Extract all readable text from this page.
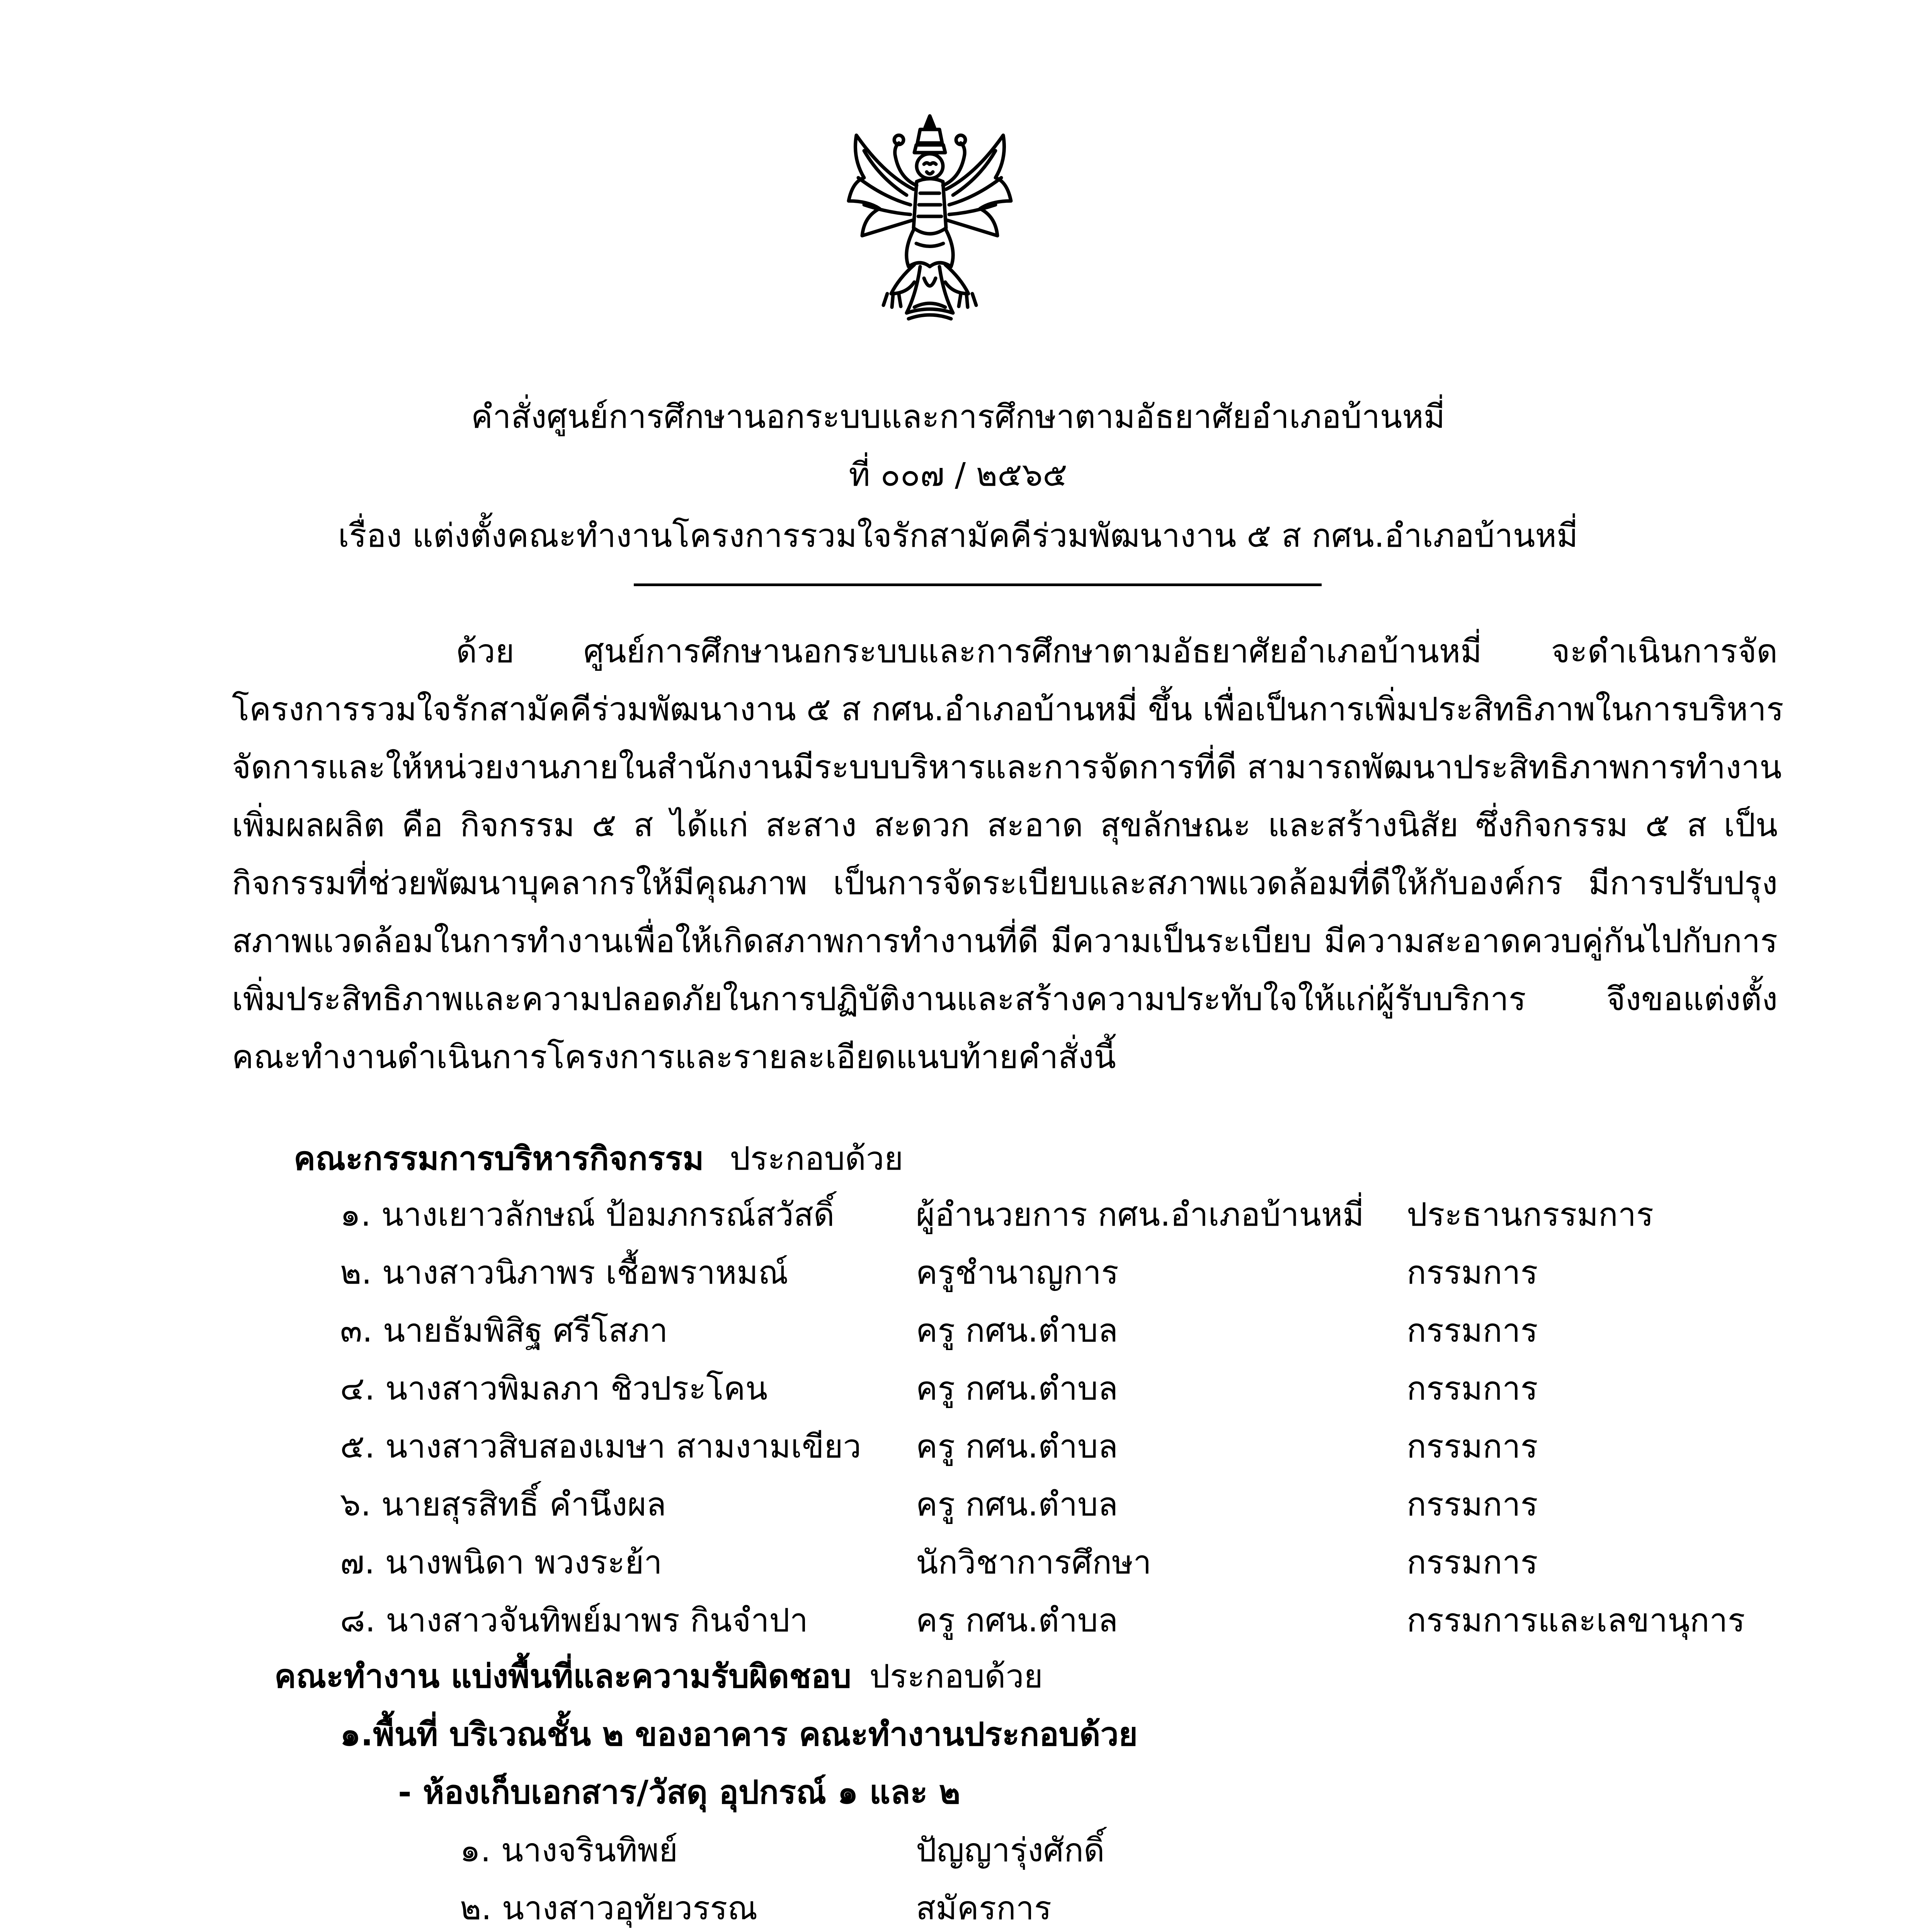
คำสั่งศูนย์การศึกษานอกระบบและการศึกษาตามอัธยาศัยอำเภอบ้านหมี่
ที่ ๐๐๗ / ๒๕๖๕
เรื่อง แต่งตั้งคณะทำงานโครงการรวมใจรักสามัคคีร่วมพัฒนางาน ๕ ส กศน.อำเภอบ้านหมี่

ด้วย ศูนย์การศึกษานอกระบบและการศึกษาตามอัธยาศัยอำเภอบ้านหมี่ จะดำเนินการจัด

โครงการรวมใจรักสามัคคีร่วมพัฒนางาน ๕ ส กศน.อำเภอบ้านหมี่ ขึ้น เพื่อเป็นการเพิ่มประสิทธิภาพในการบริหาร

จัดการและให้หน่วยงานภายในสำนักงานมีระบบบริหารและการจัดการที่ดี สามารถพัฒนาประสิทธิภาพการทำงาน

เพิ่มผลผลิต คือ กิจกรรม ๕ ส ได้แก่ สะสาง สะดวก สะอาด สุขลักษณะ และสร้างนิสัย ซึ่งกิจกรรม ๕ ส เป็น

กิจกรรมที่ช่วยพัฒนาบุคลากรให้มีคุณภาพ เป็นการจัดระเบียบและสภาพแวดล้อมที่ดีให้กับองค์กร มีการปรับปรุง

สภาพแวดล้อมในการทำงานเพื่อให้เกิดสภาพการทำงานที่ดี มีความเป็นระเบียบ มีความสะอาดควบคู่กันไปกับการ

เพิ่มประสิทธิภาพและความปลอดภัยในการปฏิบัติงานและสร้างความประทับใจให้แก่ผู้รับบริการ จึงขอแต่งตั้ง

คณะทำงานดำเนินการโครงการและรายละเอียดแนบท้ายคำสั่งนี้

คณะกรรมการบริหารกิจกรรม ประกอบด้วย
๑. นางเยาวลักษณ์ ป้อมภกรณ์สวัสดิ์	ผู้อำนวยการ กศน.อำเภอบ้านหมี่ ประธานกรรมการ
๒. นางสาวนิภาพร เชื้อพราหมณ์	ครูชำนาญการ	กรรมการ
๓. นายธัมพิสิฐ ศรีโสภา	ครู กศน.ตำบล	กรรมการ
๔. นางสาวพิมลภา ชิวประโคน	ครู กศน.ตำบล	กรรมการ
๕. นางสาวสิบสองเมษา สามงามเขียว ครู กศน.ตำบล	กรรมการ
๖. นายสุรสิทธิ์ คำนึงผล	ครู กศน.ตำบล	กรรมการ
๗. นางพนิดา พวงระย้า	นักวิชาการศึกษา	กรรมการ
๘. นางสาวจันทิพย์มาพร กินจำปา	ครู กศน.ตำบล	กรรมการและเลขานุการ
คณะทำงาน แบ่งพื้นที่และความรับผิดชอบ ประกอบด้วย
๑.พื้นที่ บริเวณชั้น ๒ ของอาคาร คณะทำงานประกอบด้วย
- ห้องเก็บเอกสาร/วัสดุ อุปกรณ์ ๑ และ ๒
๑. นางจรินทิพย์	ปัญญารุ่งศักดิ์
๒. นางสาวอุทัยวรรณ	สมัครการ
